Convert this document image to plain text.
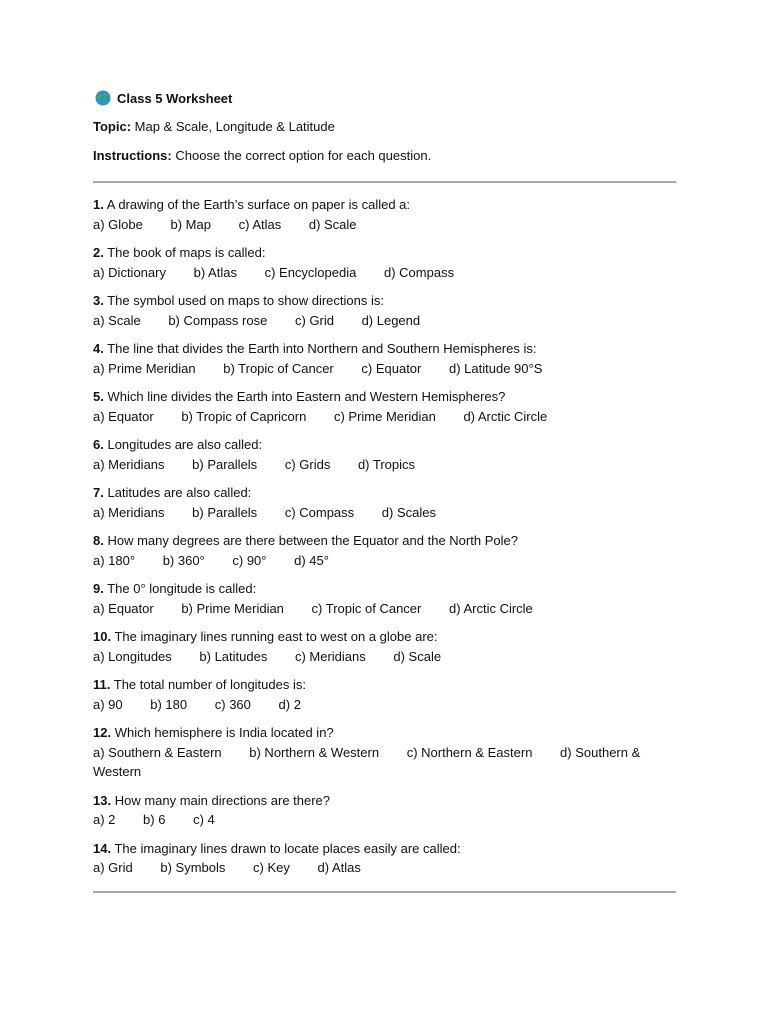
Class 5 Worksheet
Topic: Map & Scale, Longitude & Latitude
Instructions: Choose the correct option for each question.
1. A drawing of the Earth’s surface on paper is called a:
a) Globe b) Map c) Atlas d) Scale
2. The book of maps is called:
a) Dictionary b) Atlas c) Encyclopedia d) Compass
3. The symbol used on maps to show directions is:
a) Scale b) Compass rose c) Grid d) Legend
4. The line that divides the Earth into Northern and Southern Hemispheres is:
a) Prime Meridian b) Tropic of Cancer c) Equator d) Latitude 90°S
5. Which line divides the Earth into Eastern and Western Hemispheres?
a) Equator b) Tropic of Capricorn c) Prime Meridian d) Arctic Circle
6. Longitudes are also called:
a) Meridians b) Parallels c) Grids d) Tropics
7. Latitudes are also called:
a) Meridians b) Parallels c) Compass d) Scales
8. How many degrees are there between the Equator and the North Pole?
a) 180° b) 360° c) 90° d) 45°
9. The 0° longitude is called:
a) Equator b) Prime Meridian c) Tropic of Cancer d) Arctic Circle
10. The imaginary lines running east to west on a globe are:
a) Longitudes b) Latitudes c) Meridians d) Scale
11. The total number of longitudes is:
a) 90 b) 180 c) 360 d) 2
12. Which hemisphere is India located in?
a) Southern & Eastern b) Northern & Western c) Northern & Eastern d) Southern & Western
13. How many main directions are there?
a) 2 b) 6 c) 4
14. The imaginary lines drawn to locate places easily are called:
a) Grid b) Symbols c) Key d) Atlas
